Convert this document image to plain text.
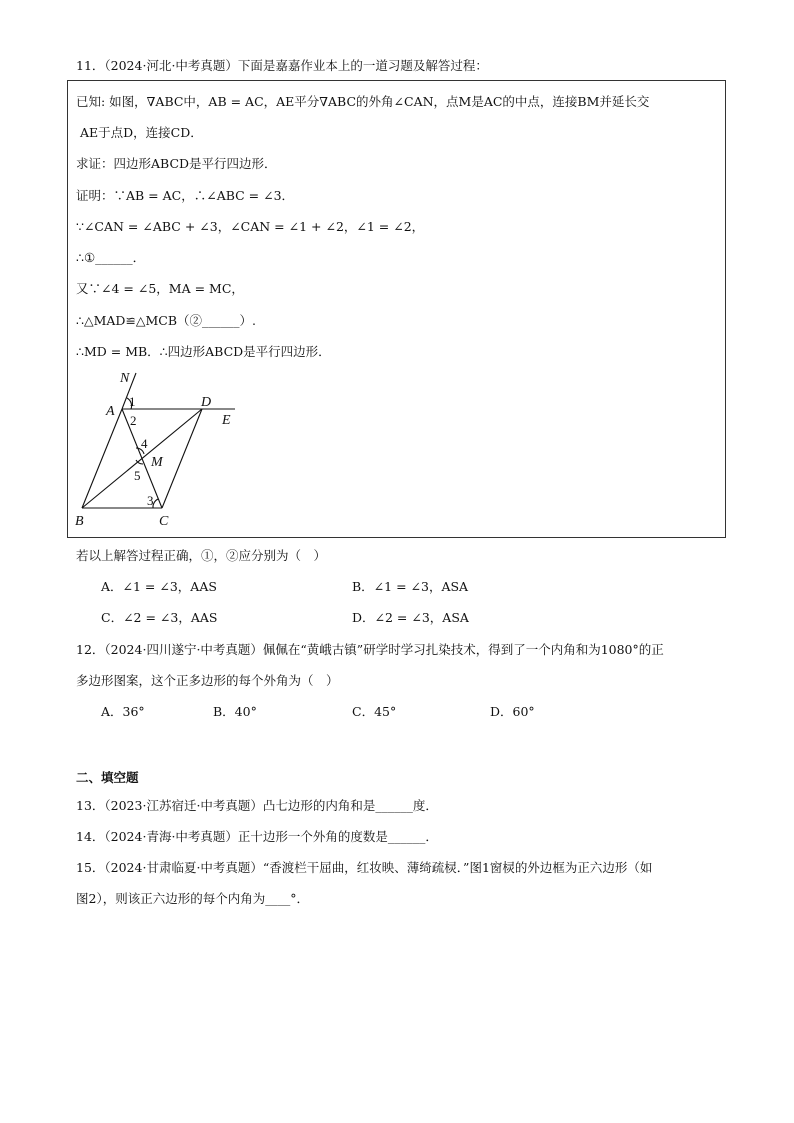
11．（2024·河北·中考真题）下面是嘉嘉作业本上的一道习题及解答过程：
已知: 如图，∇ABC中，AB = AC，AE平分∇ABC的外角∠CAN，点M是AC的中点，连接BM并延长交
AE于点D，连接CD．
求证：四边形ABCD是平行四边形．
证明：∵AB = AC，∴∠ABC = ∠3．
∵∠CAN = ∠ABC + ∠3，∠CAN = ∠1 + ∠2，∠1 = ∠2，
∴①______．
又∵∠4 = ∠5，MA = MC，
∴△MAD≌△MCB（②______）.
∴MD = MB．∴四边形ABCD是平行四边形．
N
A
D
E
M
B	C
1
2
4
5
3
若以上解答过程正确，①，②应分别为（　）
A．∠1 = ∠3，AAS	B．∠1 = ∠3，ASA
C．∠2 = ∠3，AAS	D．∠2 = ∠3，ASA
12．（2024·四川遂宁·中考真题）佩佩在“黄峨古镇”研学时学习扎染技术，得到了一个内角和为1080°的正
多边形图案，这个正多边形的每个外角为（　）
A．36°	B．40°	C．45°	D．60°
二、填空题
13．（2023·江苏宿迁·中考真题）凸七边形的内角和是______度．
14．（2024·青海·中考真题）正十边形一个外角的度数是______．
15．（2024·甘肃临夏·中考真题）“香渡栏干屈曲，红妆映、薄绮疏棂．”图1窗棂的外边框为正六边形（如
图2），则该正六边形的每个内角为____°．
